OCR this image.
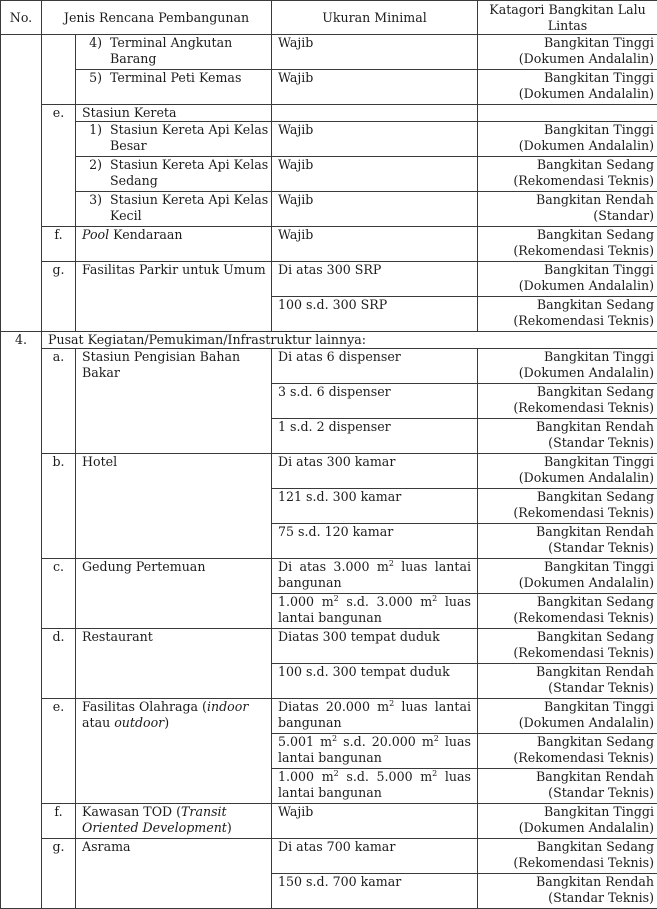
No.	Jenis Rencana Pembangunan		Ukuran Minimal	Katagori Bangkitan Lalu Lintas

		4) Terminal Angkutan Barang	Wajib	Bangkitan Tinggi (Dokumen Andalalin)

		5) Terminal Peti Kemas	Wajib	Bangkitan Tinggi (Dokumen Andalalin)
	e.	Stasiun Kereta		

		1) Stasiun Kereta Api Kelas Besar	Wajib	Bangkitan Tinggi (Dokumen Andalalin)

		2) Stasiun Kereta Api Kelas Sedang	Wajib	Bangkitan Sedang (Rekomendasi Teknis)

		3) Stasiun Kereta Api Kelas Kecil	Wajib	Bangkitan Rendah (Standar)
	f.	Pool Kendaraan	Wajib	Bangkitan Sedang (Rekomendasi Teknis)
	g.	Fasilitas Parkir untuk Umum	Di atas 300 SRP	Bangkitan Tinggi (Dokumen Andalalin)
			100 s.d. 300 SRP	Bangkitan Sedang (Rekomendasi Teknis)

4.	Pusat Kegiatan/Pemukiman/Infrastruktur lainnya:			
	a.	Stasiun Pengisian Bahan Bakar	Di atas 6 dispenser	Bangkitan Tinggi (Dokumen Andalalin)
			3 s.d. 6 dispenser	Bangkitan Sedang (Rekomendasi Teknis)
			1 s.d. 2 dispenser	Bangkitan Rendah (Standar Teknis)
	b.	Hotel	Di atas 300 kamar	Bangkitan Tinggi (Dokumen Andalalin)
			121 s.d. 300 kamar	Bangkitan Sedang (Rekomendasi Teknis)
			75 s.d. 120 kamar	Bangkitan Rendah (Standar Teknis)
	c.	Gedung Pertemuan	Di atas 3.000 $m^2$ luas lantai bangunan	Bangkitan Tinggi (Dokumen Andalalin)
			1.000 $m^2$ s.d. 3.000 $m^2$ luas lantai bangunan	Bangkitan Sedang (Rekomendasi Teknis)
	d.	Restaurant	Diatas 300 tempat duduk	Bangkitan Sedang (Rekomendasi Teknis)
			100 s.d. 300 tempat duduk	Bangkitan Rendah (Standar Teknis)
	e.	Fasilitas Olahraga (indoor atau outdoor)	Diatas 20.000 $m^2$ luas lantai bangunan	Bangkitan Tinggi (Dokumen Andalalin)
			5.001 $m^2$ s.d. 20.000 $m^2$ luas lantai bangunan	Bangkitan Sedang (Rekomendasi Teknis)
			1.000 $m^2$ s.d. 5.000 $m^2$ luas lantai bangunan	Bangkitan Rendah (Standar Teknis)
	f.	Kawasan TOD (Transit Oriented Development)	Wajib	Bangkitan Tinggi (Dokumen Andalalin)
	g.	Asrama	Di atas 700 kamar	Bangkitan Sedang (Rekomendasi Teknis)
			150 s.d. 700 kamar	Bangkitan Rendah (Standar Teknis)
